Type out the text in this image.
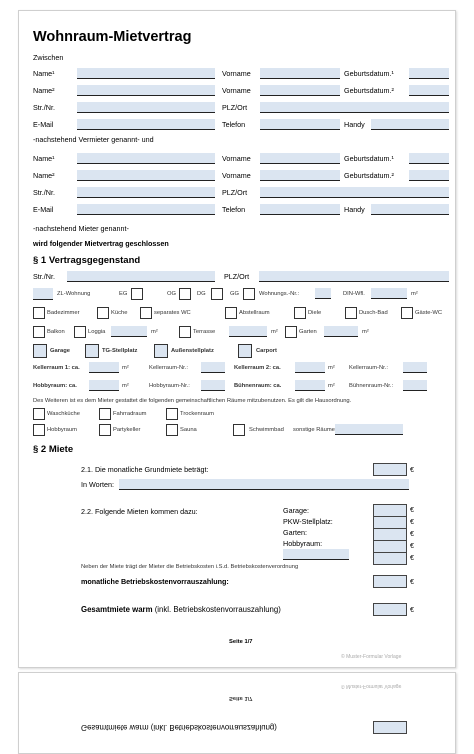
Wohnraum-Mietvertrag
Zwischen
Name¹	Vorname	Geburtsdatum.¹
Name²	Vorname	Geburtsdatum.²
Str./Nr.	PLZ/Ort
E-Mail	Telefon	Handy
-nachstehend Vermieter genannt- und
Name¹	Vorname	Geburtsdatum.¹
Name²	Vorname	Geburtsdatum.²
Str./Nr.	PLZ/Ort
E-Mail	Telefon	Handy
-nachstehend Mieter genannt-
wird folgender Mietvertrag geschlossen
§ 1 Vertragsgegenstand
Str./Nr.	PLZ/Ort
ZL-Wohnung	EG	OG	DG	GG	Wohnungs.-Nr.:	DIN-Wfl.	m²
Badezimmer	Küche	separates WC	Abstellraum	Diele	Dusch-Bad	Gäste-WC
Balkon	Loggia	m²	Terrasse	m²	Garten	m²
Garage	TG-Stellplatz	Außenstellplatz	Carport
Kellerraum 1: ca.	m²	Kellerraum-Nr.:	Kellerraum 2: ca.	m² Kellerraum-Nr.:
Hobbyraum: ca.	m²	Hobbyraum-Nr.:	Bühnenraum: ca.	m² Bühnenraum-Nr.:
Des Weiteren ist es dem Mieter gestattet die folgenden gemeinschaftlichen Räume mitzubenutzen. Es gilt die Hausordnung.
Waschküche	Fahrradraum	Trockenraum
Hobbyraum	Partykeller	Sauna	Schwimmbad sonstige Räume
§ 2 Miete
2.1. Die monatliche Grundmiete beträgt:	€
In Worten:
2.2. Folgende Mieten kommen dazu:	Garage:	€
PKW-Stellplatz:	€
Garten:	€
Hobbyraum:	€
€
Neben der Miete trägt der Mieter die Betriebskosten i.S.d. Betriebskostenverordnung
monatliche Betriebskostenvorrauszahlung:	€
Gesamtmiete warm (inkl. Betriebskostenvorrauszahlung)	€
Seite 1/7
© Muster-Formular Vorlage
Seite 1/7
© Muster-Formular Vorlage
Gesamtmiete warm (inkl. Betriebskostenvorrauszahlung)
